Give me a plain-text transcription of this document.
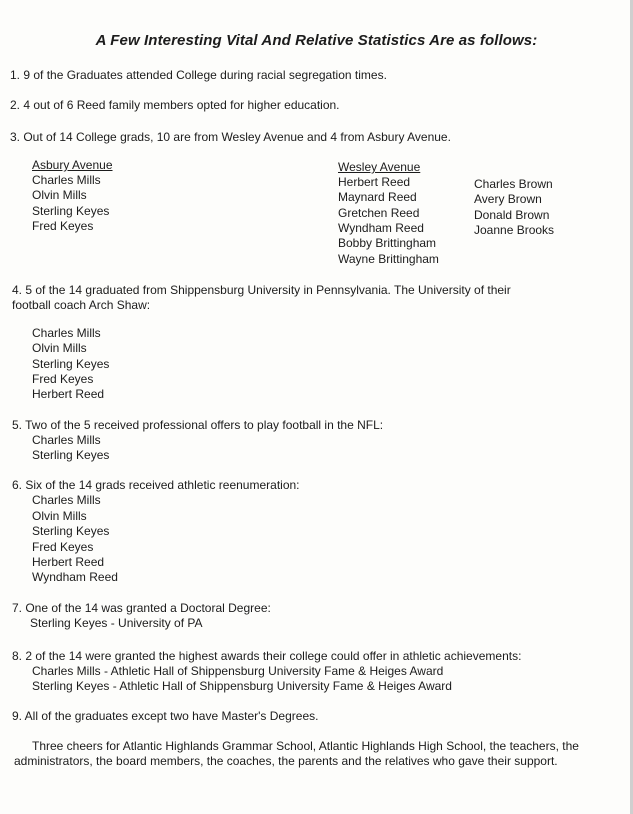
A Few Interesting Vital And Relative Statistics Are as follows:
1. 9 of the Graduates attended College during racial segregation times.
2. 4 out of 6 Reed family members opted for higher education.
3. Out of 14 College grads, 10 are from Wesley Avenue and 4 from Asbury Avenue.
Asbury Avenue
Charles Mills
Olvin Mills
Sterling Keyes
Fred Keyes
Wesley Avenue
Herbert Reed
Maynard Reed
Gretchen Reed
Wyndham Reed
Bobby Brittingham
Wayne Brittingham
Charles Brown
Avery Brown
Donald Brown
Joanne Brooks
4. 5 of the 14 graduated from Shippensburg University in Pennsylvania. The University of their
football coach Arch Shaw:
Charles Mills
Olvin Mills
Sterling Keyes
Fred Keyes
Herbert Reed
5. Two of the 5 received professional offers to play football in the NFL:
Charles Mills
Sterling Keyes
6. Six of the 14 grads received athletic reenumeration:
Charles Mills
Olvin Mills
Sterling Keyes
Fred Keyes
Herbert Reed
Wyndham Reed
7. One of the 14 was granted a Doctoral Degree:
Sterling Keyes - University of PA
8. 2 of the 14 were granted the highest awards their college could offer in athletic achievements:
Charles Mills - Athletic Hall of Shippensburg University Fame & Heiges Award
Sterling Keyes - Athletic Hall of Shippensburg University Fame & Heiges Award
9. All of the graduates except two have Master's Degrees.
Three cheers for Atlantic Highlands Grammar School, Atlantic Highlands High School, the teachers, the administrators, the board members, the coaches, the parents and the relatives who gave their support.
